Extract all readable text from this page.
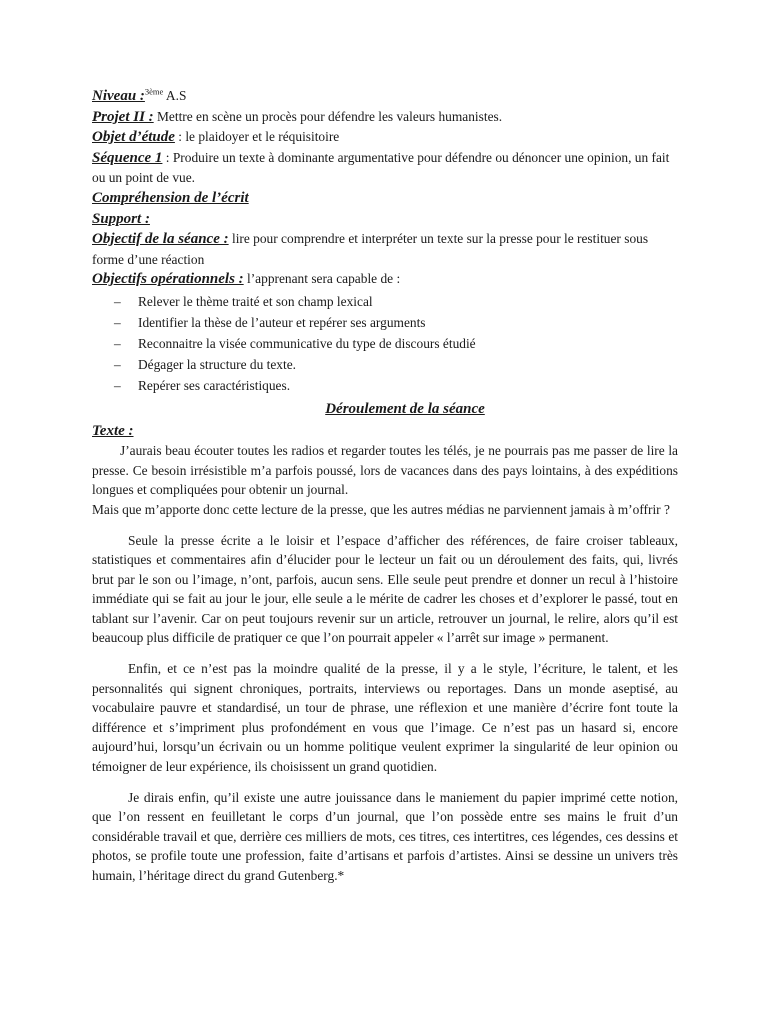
Niveau :$^{3ème}$ A.S

Projet II : Mettre en scène un procès pour défendre les valeurs humanistes.

Objet d’étude : le plaidoyer et le réquisitoire

Séquence 1 : Produire un texte à dominante argumentative pour défendre ou dénoncer une opinion, un fait ou un point de vue.

Compréhension de l’écrit

Support :

Objectif de la séance : lire pour comprendre et interpréter un texte sur la presse pour le restituer sous forme d’une réaction

Objectifs opérationnels : l’apprenant sera capable de :

– Relever le thème traité et son champ lexical
– Identifier la thèse de l’auteur et repérer ses arguments
– Reconnaitre la visée communicative du type de discours étudié
– Dégager la structure du texte.
– Repérer ses caractéristiques.

Déroulement de la séance

Texte :

J’aurais beau écouter toutes les radios et regarder toutes les télés, je ne pourrais pas me passer de lire la presse. Ce besoin irrésistible m’a parfois poussé, lors de vacances dans des pays lointains, à des expéditions longues et compliquées pour obtenir un journal.

Mais que m’apporte donc cette lecture de la presse, que les autres médias ne parviennent jamais à m’offrir ?

Seule la presse écrite a le loisir et l’espace d’afficher des références, de faire croiser tableaux, statistiques et commentaires afin d’élucider pour le lecteur un fait ou un déroulement des faits, qui, livrés brut par le son ou l’image, n’ont, parfois, aucun sens. Elle seule peut prendre et donner un recul à l’histoire immédiate qui se fait au jour le jour, elle seule a le mérite de cadrer les choses et d’explorer le passé, tout en tablant sur l’avenir. Car on peut toujours revenir sur un article, retrouver un journal, le relire, alors qu’il est beaucoup plus difficile de pratiquer ce que l’on pourrait appeler « l’arrêt sur image » permanent.

Enfin, et ce n’est pas la moindre qualité de la presse, il y a le style, l’écriture, le talent, et les personnalités qui signent chroniques, portraits, interviews ou reportages. Dans un monde aseptisé, au vocabulaire pauvre et standardisé, un tour de phrase, une réflexion et une manière d’écrire font toute la différence et s’impriment plus profondément en vous que l’image. Ce n’est pas un hasard si, encore aujourd’hui, lorsqu’un écrivain ou un homme politique veulent exprimer la singularité de leur opinion ou témoigner de leur expérience, ils choisissent un grand quotidien.

Je dirais enfin, qu’il existe une autre jouissance dans le maniement du papier imprimé cette notion, que l’on ressent en feuilletant le corps d’un journal, que l’on possède entre ses mains le fruit d’un considérable travail et que, derrière ces milliers de mots, ces titres, ces intertitres, ces légendes, ces dessins et photos, se profile toute une profession, faite d’artisans et parfois d’artistes. Ainsi se dessine un univers très humain, l’héritage direct du grand Gutenberg.*
